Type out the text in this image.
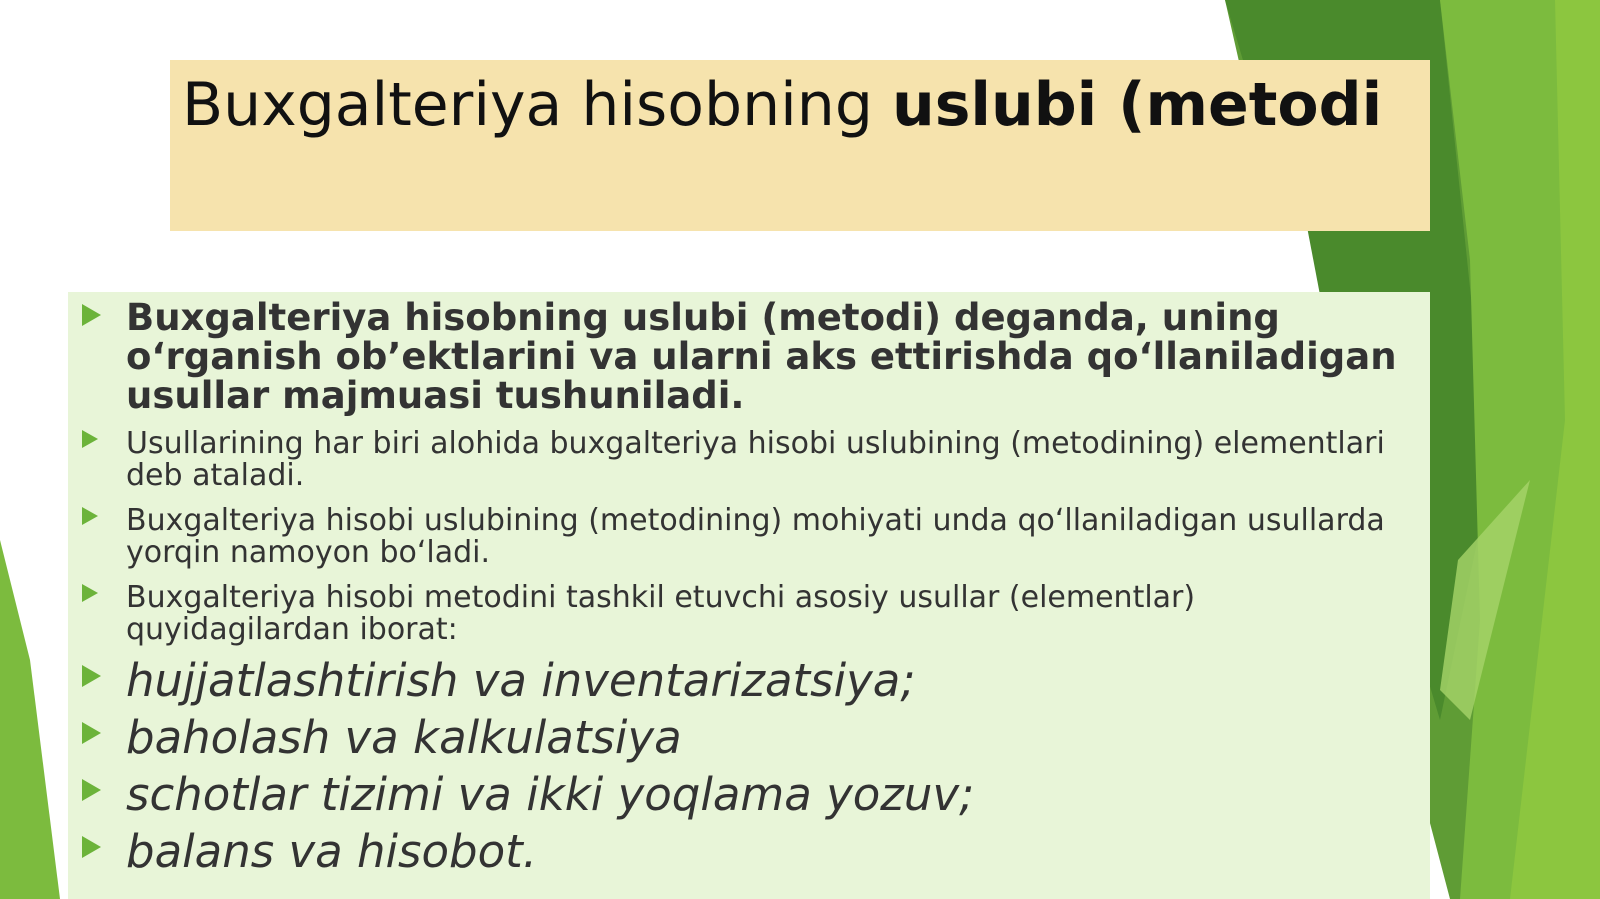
Buxgalteriya hisobning uslubi (metodi

Buxgalteriya hisobning uslubi (metodi) deganda, uning o‘rganish ob’ektlarini va ularni aks ettirishda qo‘llaniladigan usullar majmuasi tushuniladi.

Usullarining har biri alohida buxgalteriya hisobi uslubining (metodining) elementlari deb ataladi.

Buxgalteriya hisobi uslubining (metodining) mohiyati unda qo‘llaniladigan usullarda yorqin namoyon bo‘ladi.

Buxgalteriya hisobi metodini tashkil etuvchi asosiy usullar (elementlar) quyidagilardan iborat:

hujjatlashtirish va inventarizatsiya;

baholash va kalkulatsiya

schotlar tizimi va ikki yoqlama yozuv;

balans va hisobot.
